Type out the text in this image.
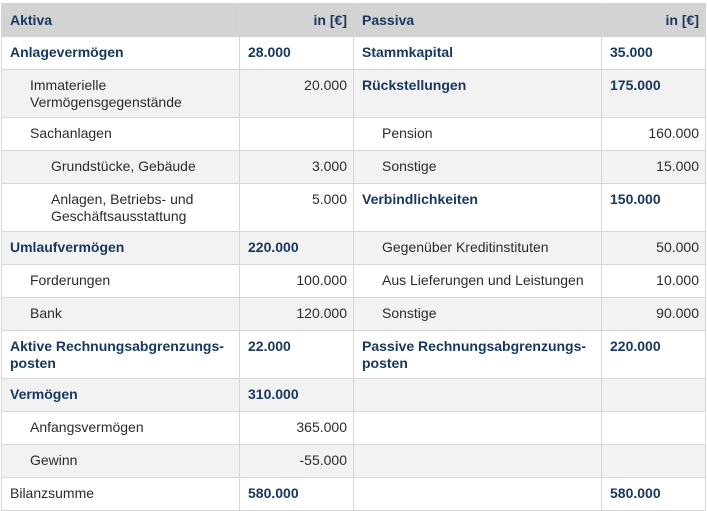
Aktiva	in [€]	Passiva	in [€]
Anlagevermögen	28.000	Stammkapital	35.000
Immaterielle Vermögensgegenstände	20.000	Rückstellungen	175.000
Sachanlagen		Pension	160.000
Grundstücke, Gebäude	3.000	Sonstige	15.000
Anlagen, Betriebs- und Geschäftsausstattung	5.000	Verbindlichkeiten	150.000
Umlaufvermögen	220.000	Gegenüber Kreditinstituten	50.000
Forderungen	100.000	Aus Lieferungen und Leistungen	10.000
Bank	120.000	Sonstige	90.000
Aktive Rechnungsabgrenzungs-posten	22.000	Passive Rechnungsabgrenzungs-posten	220.000
Vermögen	310.000		
Anfangsvermögen	365.000		
Gewinn	-55.000		
Bilanzsumme	580.000		580.000
